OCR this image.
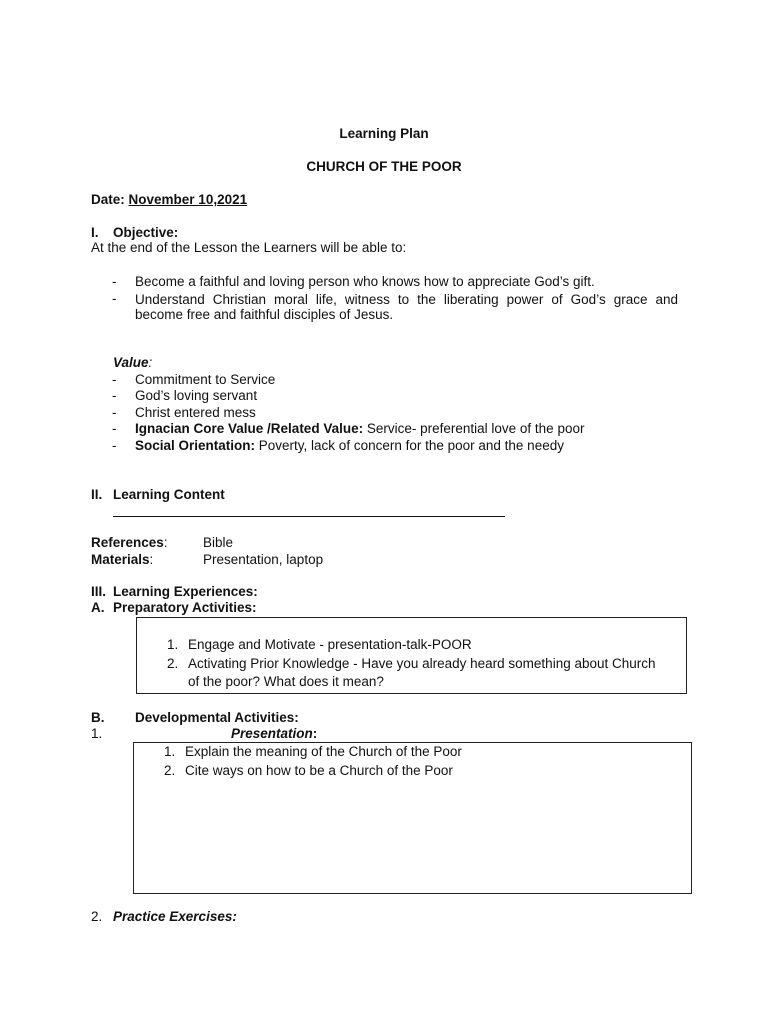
Learning Plan
CHURCH OF THE POOR
Date: November 10,2021
I. Objective:
At the end of the Lesson the Learners will be able to:
- Become a faithful and loving person who knows how to appreciate God’s gift.
- Understand Christian moral life, witness to the liberating power of God’s grace and
become free and faithful disciples of Jesus.
Value:
- Commitment to Service
- God’s loving servant
- Christ entered mess
- Ignacian Core Value /Related Value: Service- preferential love of the poor
- Social Orientation: Poverty, lack of concern for the poor and the needy
II. Learning Content
References:	Bible
Materials:	Presentation, laptop
III. Learning Experiences:
A. Preparatory Activities:
1. Engage and Motivate - presentation-talk-POOR
2. Activating Prior Knowledge - Have you already heard something about Church
of the poor? What does it mean?
B. Developmental Activities:
1.	Presentation:
1. Explain the meaning of the Church of the Poor
2. Cite ways on how to be a Church of the Poor
2. Practice Exercises:
